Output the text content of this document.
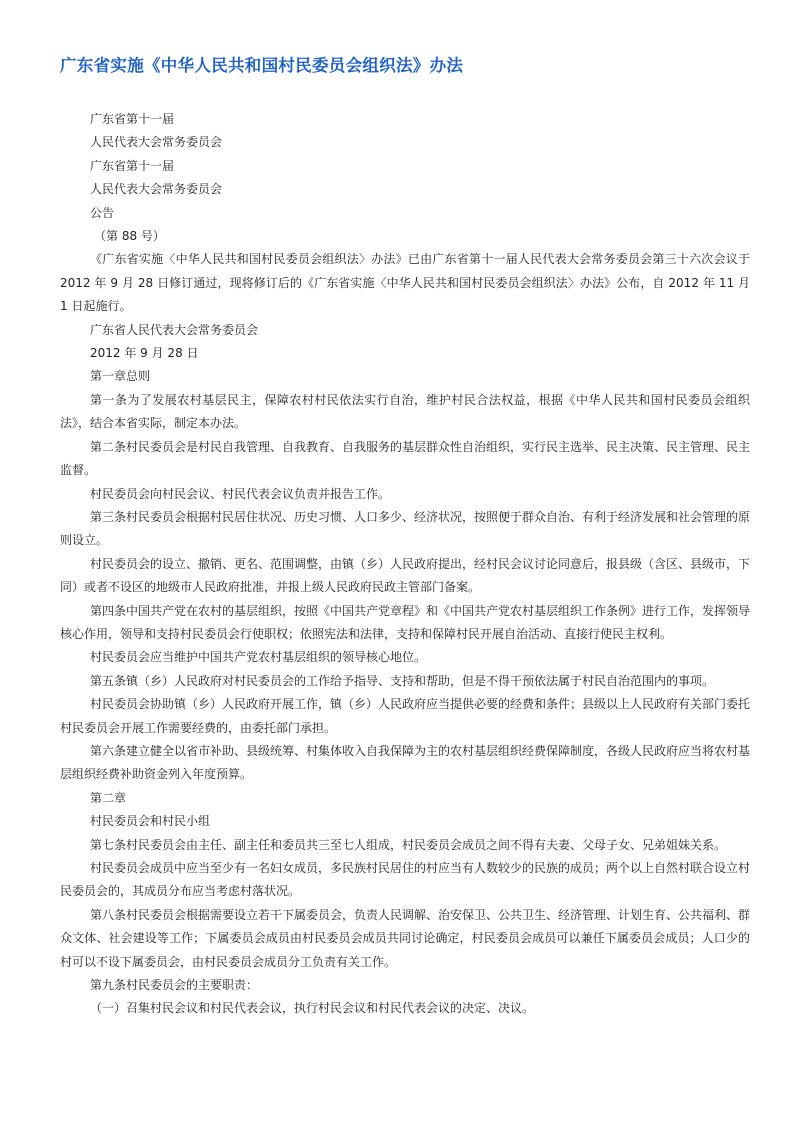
广东省实施《中华人民共和国村民委员会组织法》办法

广东省第十一届

人民代表大会常务委员会

广东省第十一届

人民代表大会常务委员会

公告

（第 88 号）

《广东省实施〈中华人民共和国村民委员会组织法〉办法》已由广东省第十一届人民代表大会常务委员会第三十六次会议于 2012 年 9 月 28 日修订通过，现将修订后的《广东省实施〈中华人民共和国村民委员会组织法〉办法》公布，自 2012 年 11 月 1 日起施行。

广东省人民代表大会常务委员会

2012 年 9 月 28 日

第一章总则

第一条为了发展农村基层民主，保障农村村民依法实行自治，维护村民合法权益，根据《中华人民共和国村民委员会组织法》，结合本省实际，制定本办法。

第二条村民委员会是村民自我管理、自我教育、自我服务的基层群众性自治组织，实行民主选举、民主决策、民主管理、民主监督。

村民委员会向村民会议、村民代表会议负责并报告工作。

第三条村民委员会根据村民居住状况、历史习惯、人口多少、经济状况，按照便于群众自治、有利于经济发展和社会管理的原则设立。

村民委员会的设立、撤销、更名、范围调整，由镇（乡）人民政府提出，经村民会议讨论同意后，报县级（含区、县级市，下同）或者不设区的地级市人民政府批准，并报上级人民政府民政主管部门备案。

第四条中国共产党在农村的基层组织，按照《中国共产党章程》和《中国共产党农村基层组织工作条例》进行工作，发挥领导核心作用，领导和支持村民委员会行使职权；依照宪法和法律，支持和保障村民开展自治活动、直接行使民主权利。

村民委员会应当维护中国共产党农村基层组织的领导核心地位。

第五条镇（乡）人民政府对村民委员会的工作给予指导、支持和帮助，但是不得干预依法属于村民自治范围内的事项。

村民委员会协助镇（乡）人民政府开展工作，镇（乡）人民政府应当提供必要的经费和条件；县级以上人民政府有关部门委托村民委员会开展工作需要经费的，由委托部门承担。

第六条建立健全以省市补助、县级统筹、村集体收入自我保障为主的农村基层组织经费保障制度，各级人民政府应当将农村基层组织经费补助资金列入年度预算。

第二章

村民委员会和村民小组

第七条村民委员会由主任、副主任和委员共三至七人组成，村民委员会成员之间不得有夫妻、父母子女、兄弟姐妹关系。

村民委员会成员中应当至少有一名妇女成员，多民族村民居住的村应当有人数较少的民族的成员；两个以上自然村联合设立村民委员会的，其成员分布应当考虑村落状况。

第八条村民委员会根据需要设立若干下属委员会，负责人民调解、治安保卫、公共卫生、经济管理、计划生育、公共福利、群众文体、社会建设等工作；下属委员会成员由村民委员会成员共同讨论确定，村民委员会成员可以兼任下属委员会成员；人口少的村可以不设下属委员会，由村民委员会成员分工负责有关工作。

第九条村民委员会的主要职责：

（一）召集村民会议和村民代表会议，执行村民会议和村民代表会议的决定、决议。
